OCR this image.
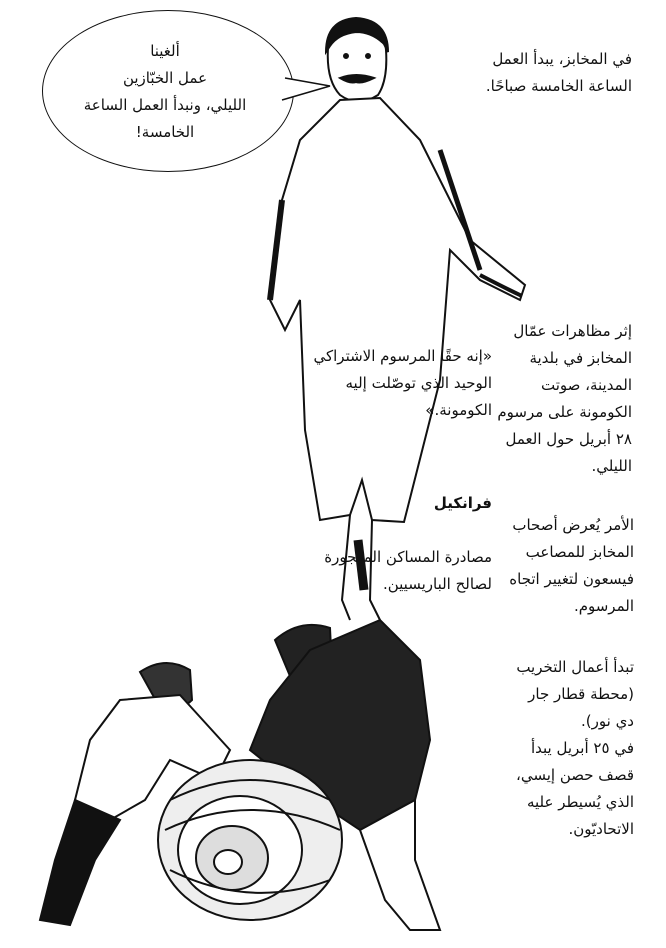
ألغينا
عمل الخبّازين
الليلي، ونبدأ العمل الساعة
الخامسة!
في المخابز، يبدأ العمل
الساعة الخامسة صباحًا.
«إنه حقًا المرسوم الاشتراكي
الوحيد الذي توصّلت إليه
الكومونة.»

فرانكيل

مصادرة المساكن المهجورة
لصالح الباريسيين.

إثر مظاهرات عمّال
المخابز في بلدية
المدينة، صوتت
الكومونة على مرسوم
٢٨ أبريل حول العمل
الليلي.
الأمر يُعرض أصحاب
المخابز للمصاعب
فيسعون لتغيير اتجاه
المرسوم.
تبدأ أعمال التخريب
(محطة قطار جار
دي نور).
في ٢٥ أبريل يبدأ
قصف حصن إيسي،
الذي يُسيطر عليه
الاتحاديّون.
